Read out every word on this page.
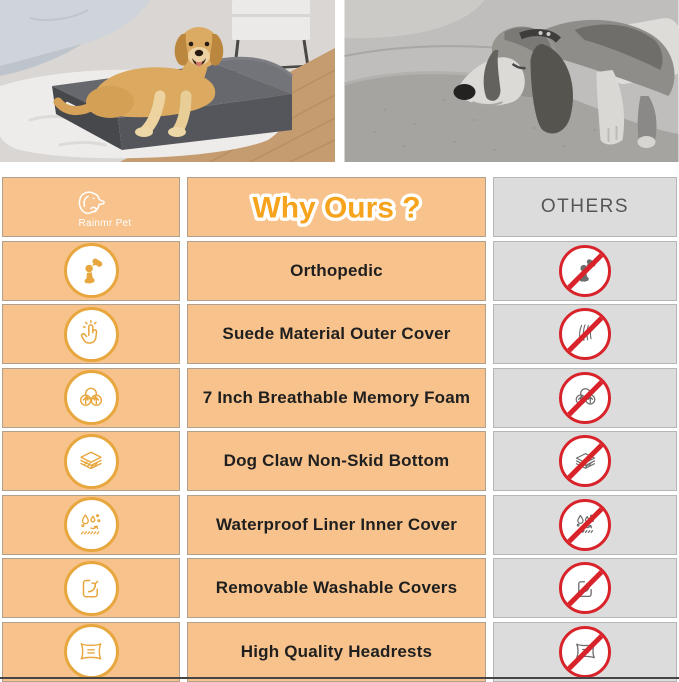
Rainmr Pet	Why Ours ?	OTHERS
Orthopedic
Suede Material Outer Cover
7 Inch Breathable Memory Foam
Dog Claw Non-Skid Bottom
Waterproof Liner Inner Cover
Removable Washable Covers
High Quality Headrests
